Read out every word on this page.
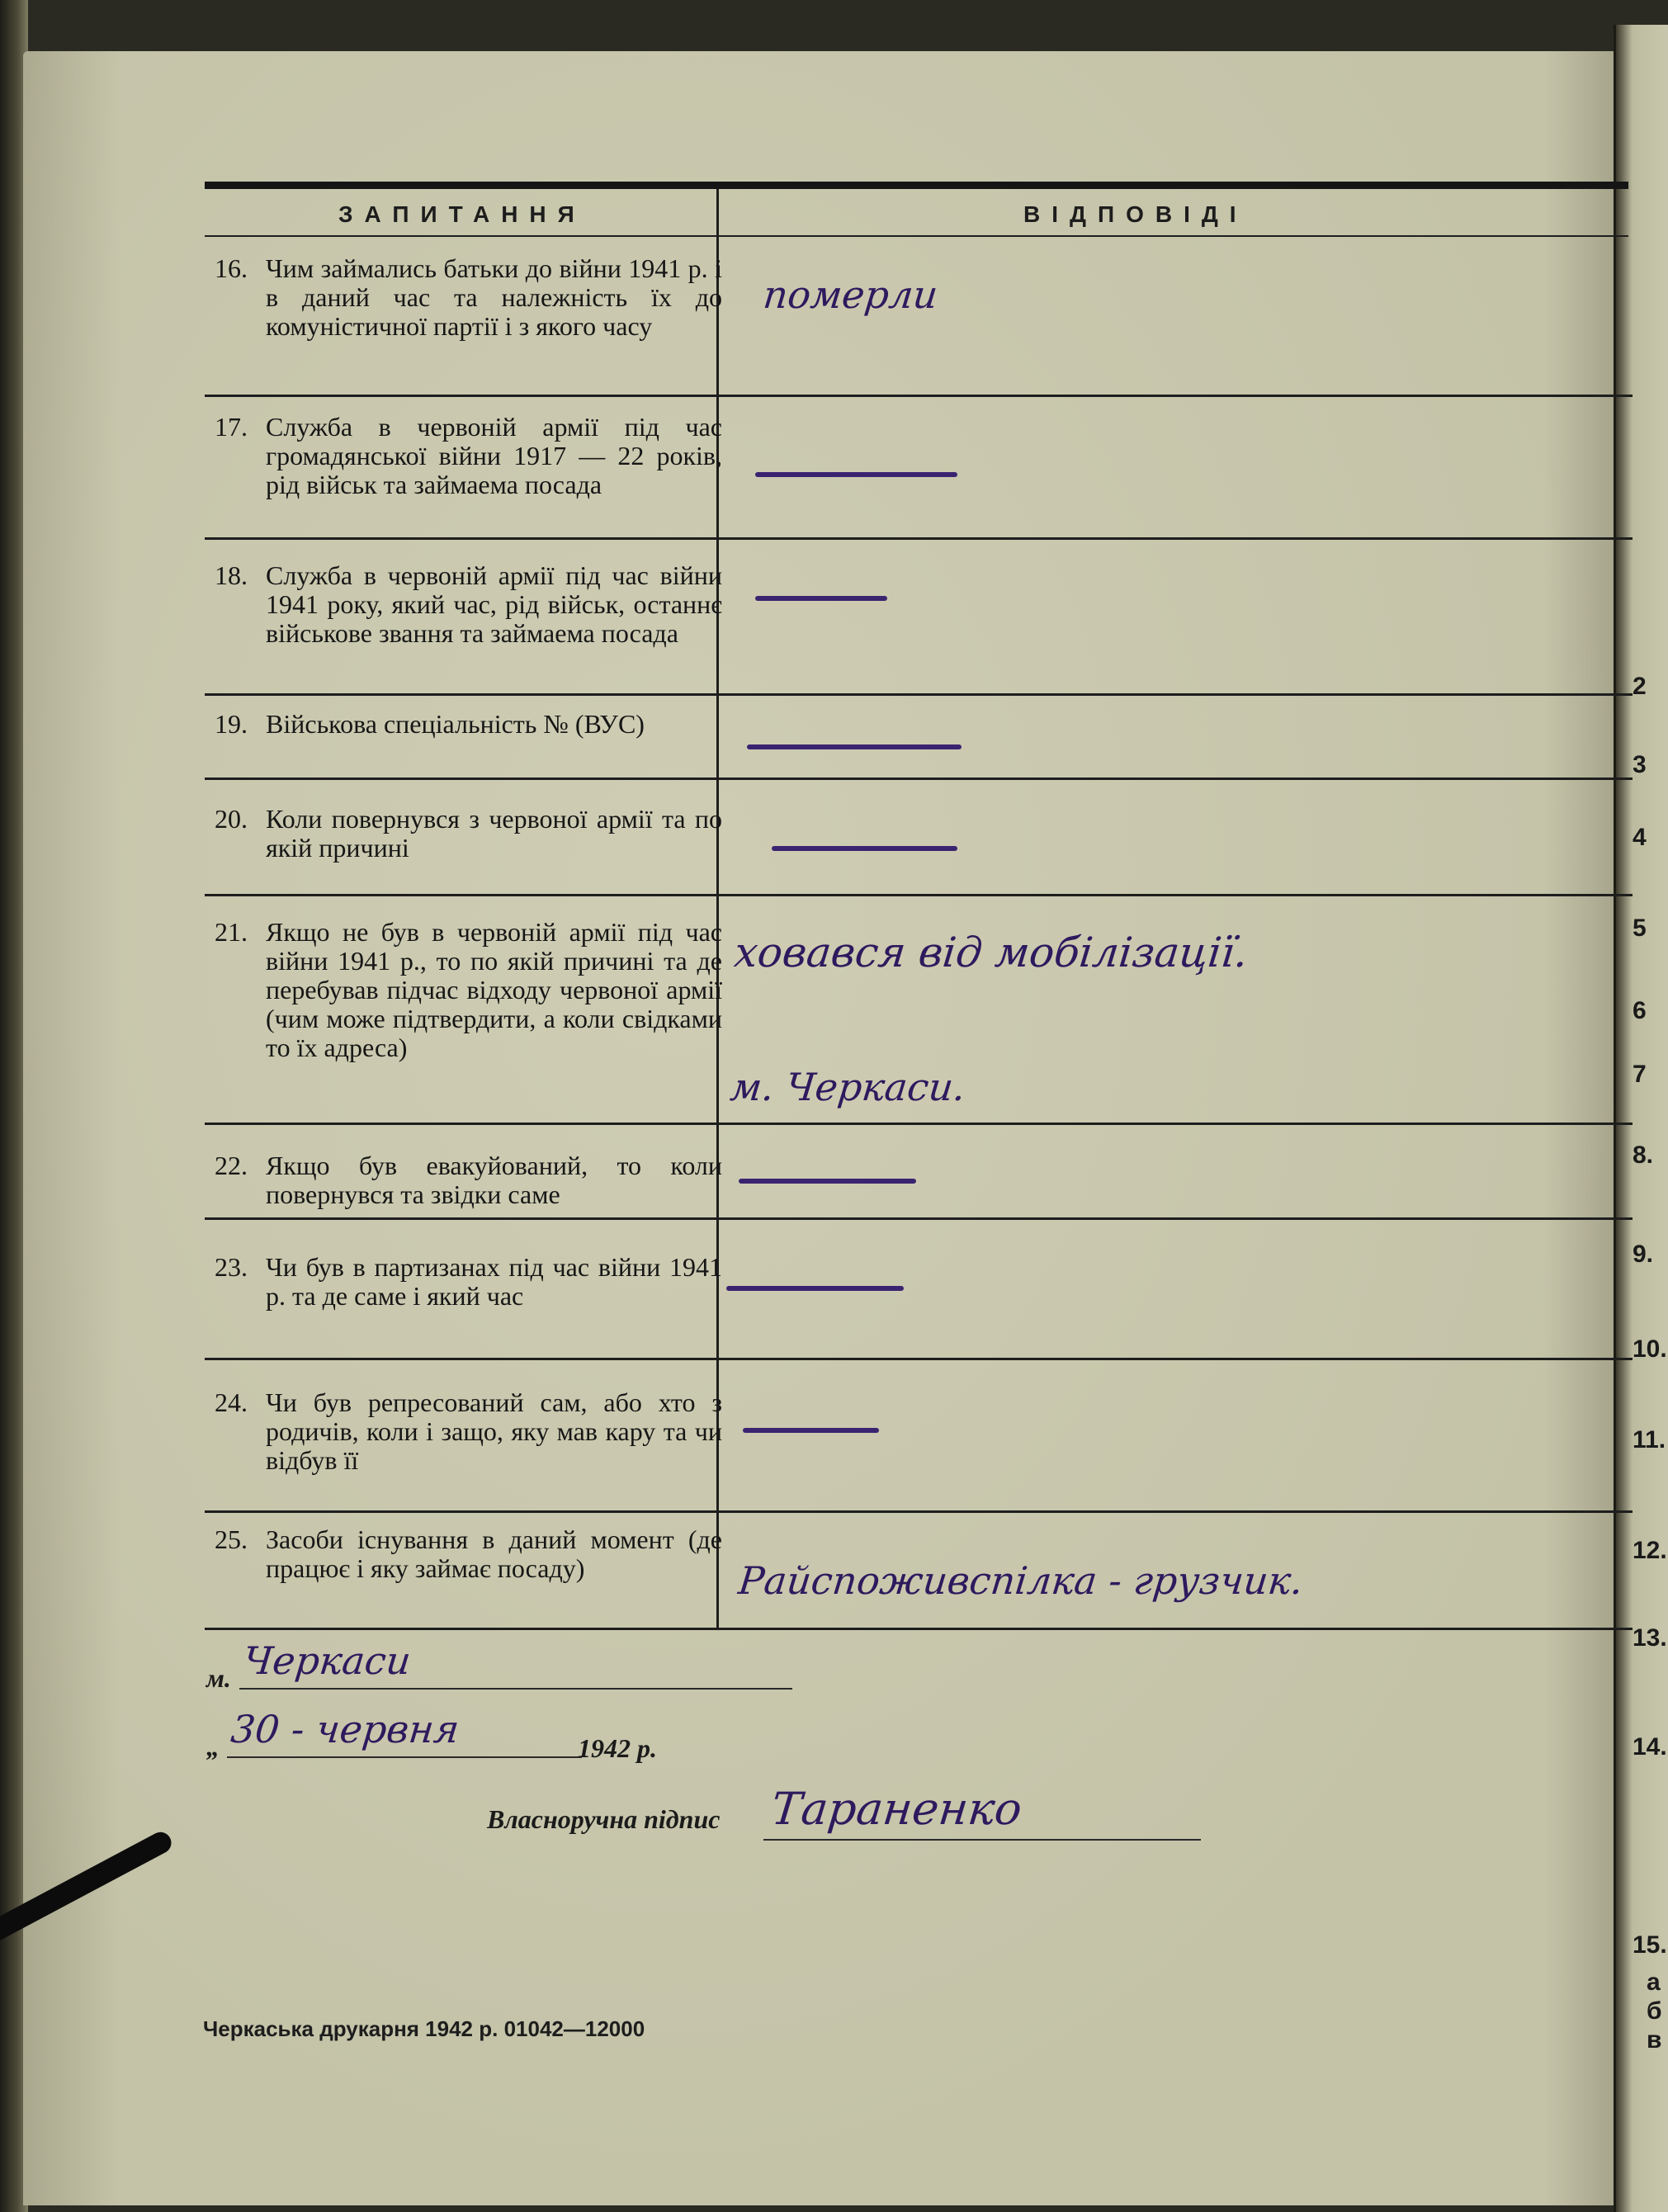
2
3
4
5
6
7
8.
9.
10.
11.
12.
13.
14.
15.
а
б
в
ЗАПИТАННЯ	ВІДПОВІДІ
16. Чим займались батьки до війни 1941 р. і в даний час та належність їх до комуністичної партії і з якого часу
17. Служба в червоній армії під час громадянської війни 1917 — 22 років, рід військ та займаема посада
18. Служба в червоній армії під час війни 1941 року, який час, рід військ, останнє військове звання та займаема посада
19. Військова спеціальність № (ВУС)
20. Коли повернувся з червоної армії та по якій причині
21. Якщо не був в червоній армії під час війни 1941 р., то по якій причині та де перебував підчас відходу червоної армії (чим може підтвердити, а коли свідками то їх адреса)
22. Якщо був евакуйований, то коли повернувся та звідки саме
23. Чи був в партизанах під час війни 1941 р. та де саме і який час
24. Чи був репресований сам, або хто з родичів, коли і защо, яку мав кару та чи відбув її
25. Засоби існування в даний момент (де працює і яку займає посаду)
померли
ховався від мобілізації.
м. Черкаси.
Райспоживспілка - грузчик.
м. Черкаси
„ 30 - червня	1942 р.
Власноручна підпис Тараненко
Черкаська друкарня 1942 р. 01042—12000
